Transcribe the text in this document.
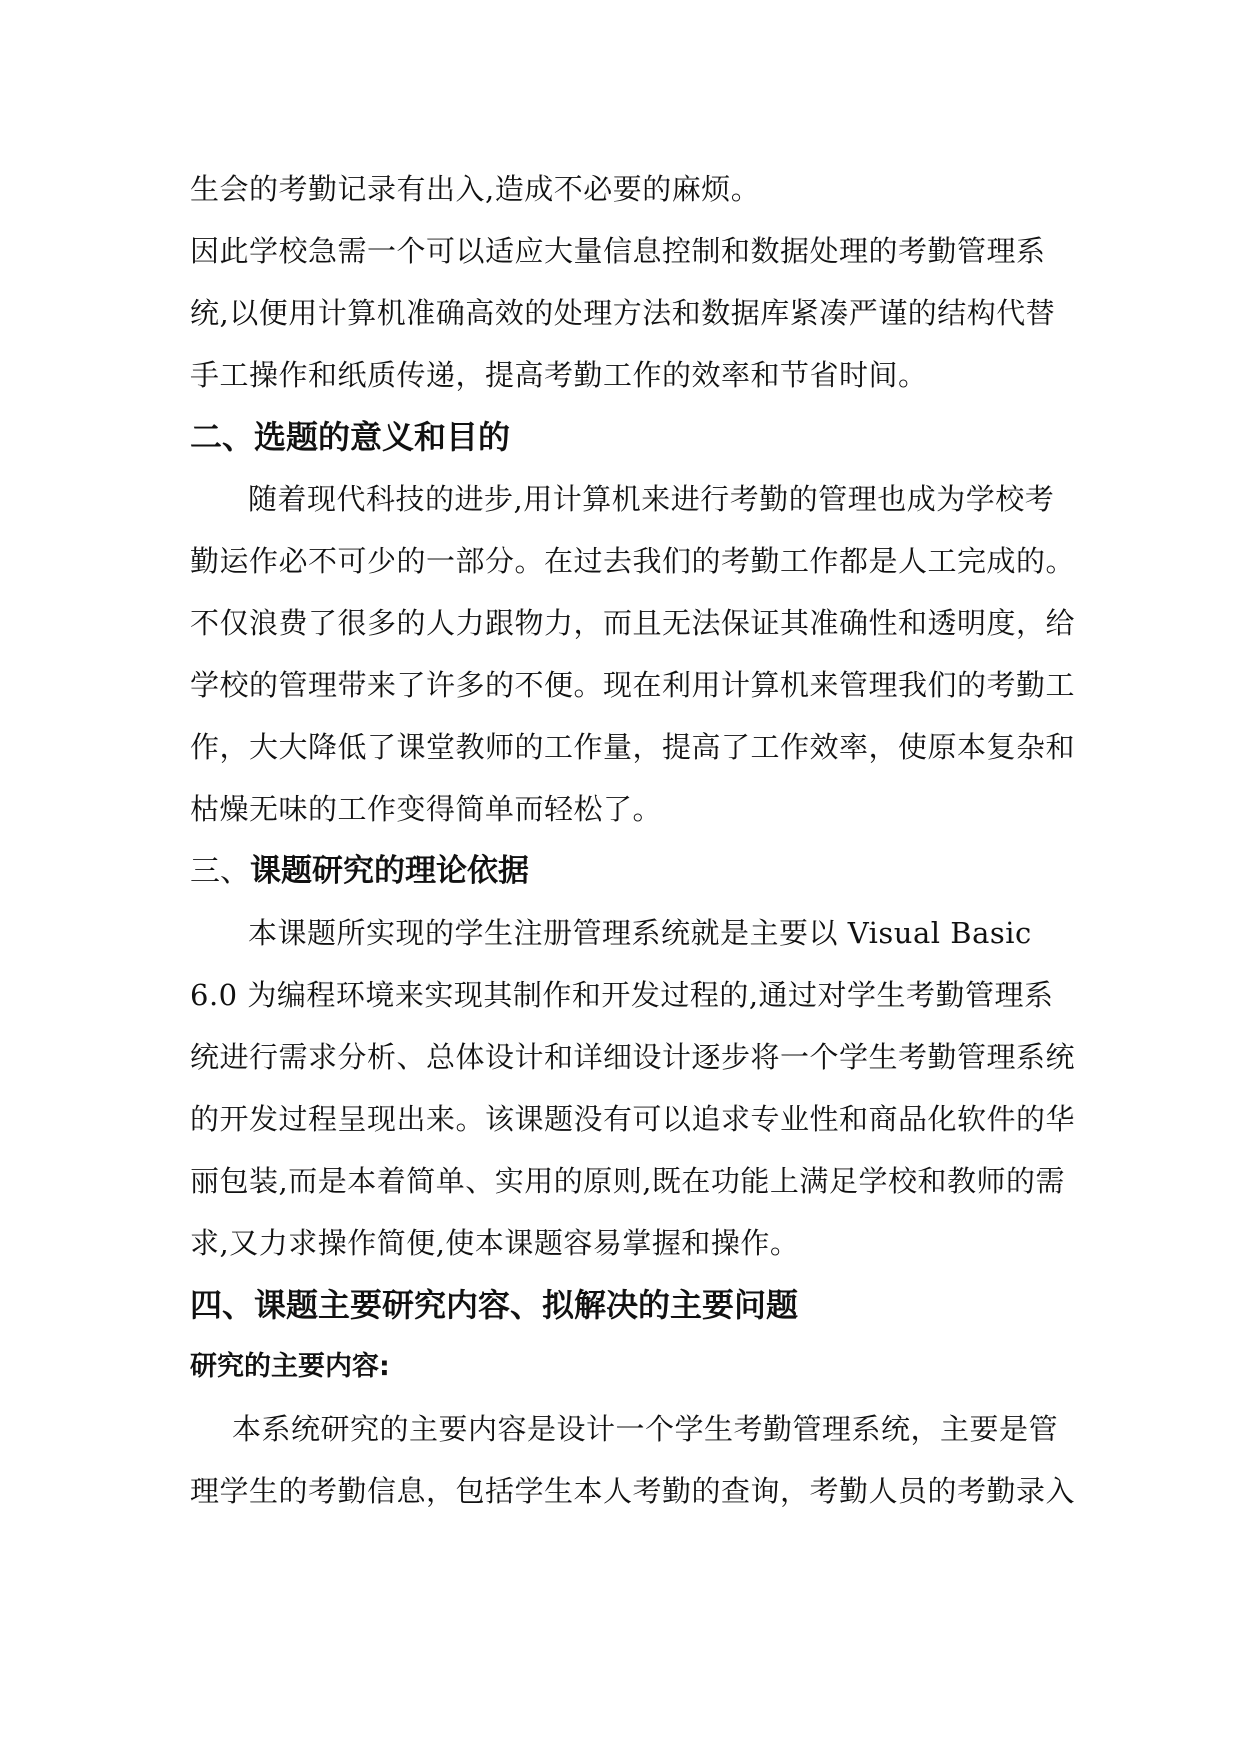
生会的考勤记录有出入,造成不必要的麻烦。
因此学校急需一个可以适应大量信息控制和数据处理的考勤管理系
统,以便用计算机准确高效的处理方法和数据库紧凑严谨的结构代替
手工操作和纸质传递，提高考勤工作的效率和节省时间。
二、选题的意义和目的
随着现代科技的进步,用计算机来进行考勤的管理也成为学校考
勤运作必不可少的一部分。在过去我们的考勤工作都是人工完成的。
不仅浪费了很多的人力跟物力，而且无法保证其准确性和透明度，给
学校的管理带来了许多的不便。现在利用计算机来管理我们的考勤工
作，大大降低了课堂教师的工作量，提高了工作效率，使原本复杂和
枯燥无味的工作变得简单而轻松了。
三、课题研究的理论依据
本课题所实现的学生注册管理系统就是主要以 Visual Basic
6.0 为编程环境来实现其制作和开发过程的,通过对学生考勤管理系
统进行需求分析、总体设计和详细设计逐步将一个学生考勤管理系统
的开发过程呈现出来。该课题没有可以追求专业性和商品化软件的华
丽包装,而是本着简单、实用的原则,既在功能上满足学校和教师的需
求,又力求操作简便,使本课题容易掌握和操作。
四、课题主要研究内容、拟解决的主要问题
研究的主要内容:
本系统研究的主要内容是设计一个学生考勤管理系统，主要是管
理学生的考勤信息，包括学生本人考勤的查询，考勤人员的考勤录入
